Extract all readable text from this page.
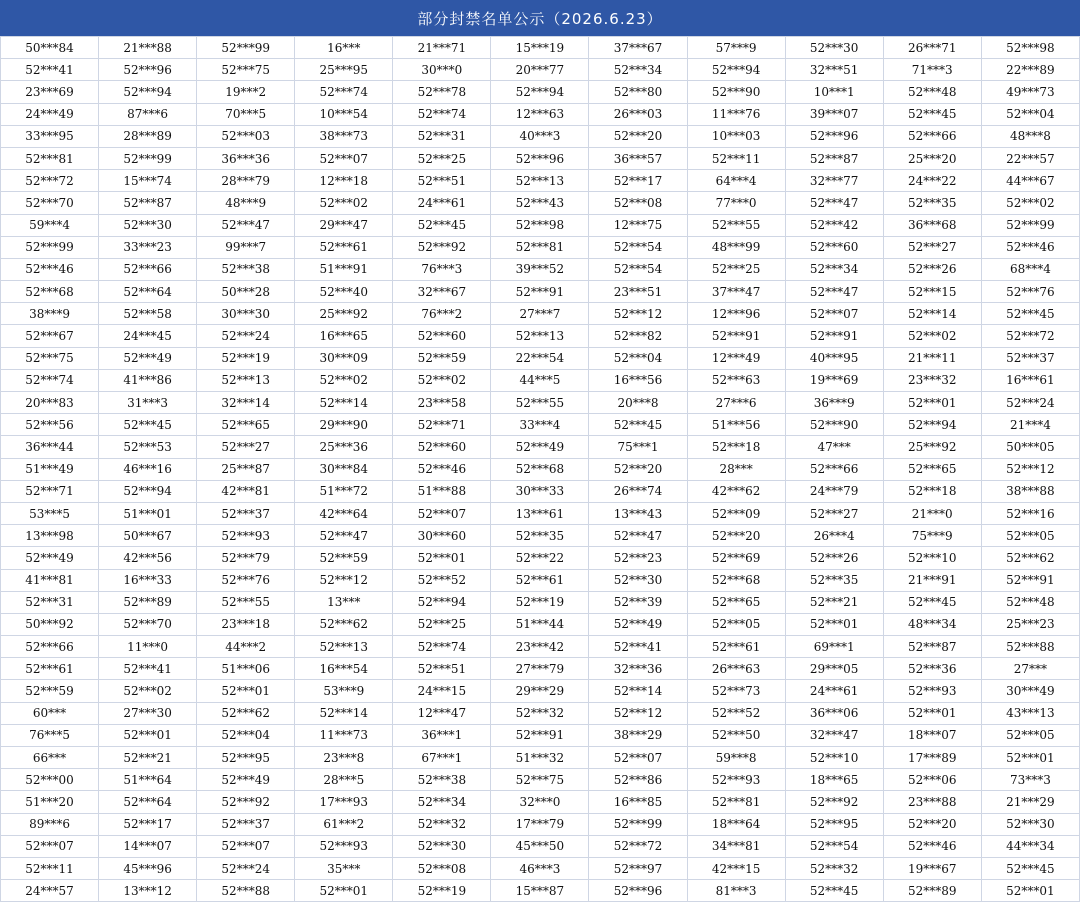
部分封禁名单公示（2026.6.23）
50***84	21***88	52***99	16***	21***71	15***19	37***67	57***9	52***30	26***71	52***98
52***41	52***96	52***75	25***95	30***0	20***77	52***34	52***94	32***51	71***3	22***89
23***69	52***94	19***2	52***74	52***78	52***94	52***80	52***90	10***1	52***48	49***73
24***49	87***6	70***5	10***54	52***74	12***63	26***03	11***76	39***07	52***45	52***04
33***95	28***89	52***03	38***73	52***31	40***3	52***20	10***03	52***96	52***66	48***8
52***81	52***99	36***36	52***07	52***25	52***96	36***57	52***11	52***87	25***20	22***57
52***72	15***74	28***79	12***18	52***51	52***13	52***17	64***4	32***77	24***22	44***67
52***70	52***87	48***9	52***02	24***61	52***43	52***08	77***0	52***47	52***35	52***02
59***4	52***30	52***47	29***47	52***45	52***98	12***75	52***55	52***42	36***68	52***99
52***99	33***23	99***7	52***61	52***92	52***81	52***54	48***99	52***60	52***27	52***46
52***46	52***66	52***38	51***91	76***3	39***52	52***54	52***25	52***34	52***26	68***4
52***68	52***64	50***28	52***40	32***67	52***91	23***51	37***47	52***47	52***15	52***76
38***9	52***58	30***30	25***92	76***2	27***7	52***12	12***96	52***07	52***14	52***45
52***67	24***45	52***24	16***65	52***60	52***13	52***82	52***91	52***91	52***02	52***72
52***75	52***49	52***19	30***09	52***59	22***54	52***04	12***49	40***95	21***11	52***37
52***74	41***86	52***13	52***02	52***02	44***5	16***56	52***63	19***69	23***32	16***61
20***83	31***3	32***14	52***14	23***58	52***55	20***8	27***6	36***9	52***01	52***24
52***56	52***45	52***65	29***90	52***71	33***4	52***45	51***56	52***90	52***94	21***4
36***44	52***53	52***27	25***36	52***60	52***49	75***1	52***18	47***	25***92	50***05
51***49	46***16	25***87	30***84	52***46	52***68	52***20	28***	52***66	52***65	52***12
52***71	52***94	42***81	51***72	51***88	30***33	26***74	42***62	24***79	52***18	38***88
53***5	51***01	52***37	42***64	52***07	13***61	13***43	52***09	52***27	21***0	52***16
13***98	50***67	52***93	52***47	30***60	52***35	52***47	52***20	26***4	75***9	52***05
52***49	42***56	52***79	52***59	52***01	52***22	52***23	52***69	52***26	52***10	52***62
41***81	16***33	52***76	52***12	52***52	52***61	52***30	52***68	52***35	21***91	52***91
52***31	52***89	52***55	13***	52***94	52***19	52***39	52***65	52***21	52***45	52***48
50***92	52***70	23***18	52***62	52***25	51***44	52***49	52***05	52***01	48***34	25***23
52***66	11***0	44***2	52***13	52***74	23***42	52***41	52***61	69***1	52***87	52***88
52***61	52***41	51***06	16***54	52***51	27***79	32***36	26***63	29***05	52***36	27***
52***59	52***02	52***01	53***9	24***15	29***29	52***14	52***73	24***61	52***93	30***49
60***	27***30	52***62	52***14	12***47	52***32	52***12	52***52	36***06	52***01	43***13
76***5	52***01	52***04	11***73	36***1	52***91	38***29	52***50	32***47	18***07	52***05
66***	52***21	52***95	23***8	67***1	51***32	52***07	59***8	52***10	17***89	52***01
52***00	51***64	52***49	28***5	52***38	52***75	52***86	52***93	18***65	52***06	73***3
51***20	52***64	52***92	17***93	52***34	32***0	16***85	52***81	52***92	23***88	21***29
89***6	52***17	52***37	61***2	52***32	17***79	52***99	18***64	52***95	52***20	52***30
52***07	14***07	52***07	52***93	52***30	45***50	52***72	34***81	52***54	52***46	44***34
52***11	45***96	52***24	35***	52***08	46***3	52***97	42***15	52***32	19***67	52***45
24***57	13***12	52***88	52***01	52***19	15***87	52***96	81***3	52***45	52***89	52***01
